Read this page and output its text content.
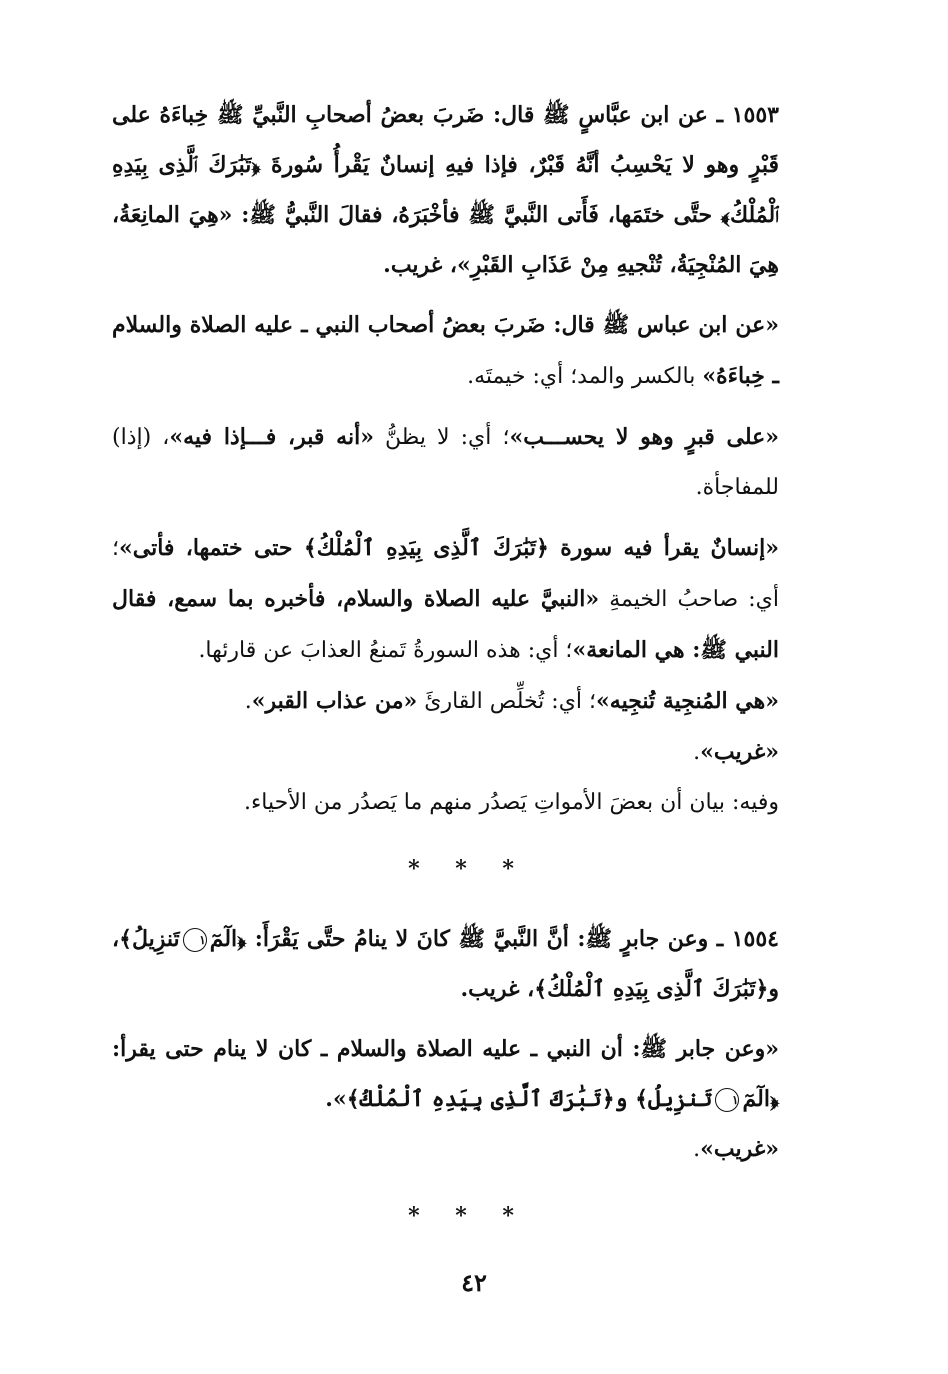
١٥٥٣ ـ عن ابن عبَّاسٍ ﷺ قال: ضَربَ بعضُ أصحابِ النَّبيِّ ﷺ خِباءَهُ على قَبْرٍ وهو لا يَحْسِبُ أنَّهُ قَبْرٌ، فإذا فيهِ إنسانٌ يَقْرأُ سُورةَ ﴿تَبَٰرَكَ ٱلَّذِى بِيَدِهِ ٱلْمُلْكُ﴾ حتَّى ختَمَها، فَأَتى النَّبيَّ ﷺ فأخْبَرَهُ، فقالَ النَّبيُّ ﷺ: «هِيَ المانِعَةُ، هِيَ المُنْجِيَةُ، تُنْجيهِ مِنْ عَذَابِ القَبْرِ»، غريب.

«عن ابن عباس ﷺ قال: ضَربَ بعضُ أصحاب النبي ـ عليه الصلاة والسلام ـ خِباءَهُ» بالكسر والمد؛ أي: خيمتَه.

«على قبرٍ وهو لا يحســـب»؛ أي: لا يظنُّ «أنه قبر، فـــإذا فيه»، (إذا) للمفاجأة.

«إنسانٌ يقرأ فيه سورة ﴿تَبَٰرَكَ ٱلَّذِى بِيَدِهِ ٱلْمُلْكُ﴾ حتى ختمها، فأتى»؛ أي: صاحبُ الخيمةِ «النبيَّ عليه الصلاة والسلام، فأخبره بما سمع، فقال النبي ﷺ: هي المانعة»؛ أي: هذه السورةُ تَمنعُ العذابَ عن قارئها.

«هي المُنجِية تُنجِيه»؛ أي: تُخلِّص القارئَ «من عذاب القبر».

«غريب».

وفيه: بيان أن بعضَ الأمواتِ يَصدُر منهم ما يَصدُر من الأحياء.

* * *

١٥٥٤ ـ وعن جابرٍ ﷺ: أنَّ النَّبيَّ ﷺ كانَ لا ينامُ حتَّى يَقْرَأَ: ﴿الٓمٓ١تَنزِيلُ﴾، و﴿تَبَٰرَكَ ٱلَّذِى بِيَدِهِ ٱلْمُلْكُ﴾، غريب.

«وعن جابر ﷺ: أن النبي ـ عليه الصلاة والسلام ـ كان لا ينام حتى يقرأ: ﴿الٓمٓ١تَنزِيلُ﴾ و﴿تَبَٰرَكَ ٱلَّذِى بِيَدِهِ ٱلْمُلْكُ﴾».

«غريب».

* * *
٤٢
